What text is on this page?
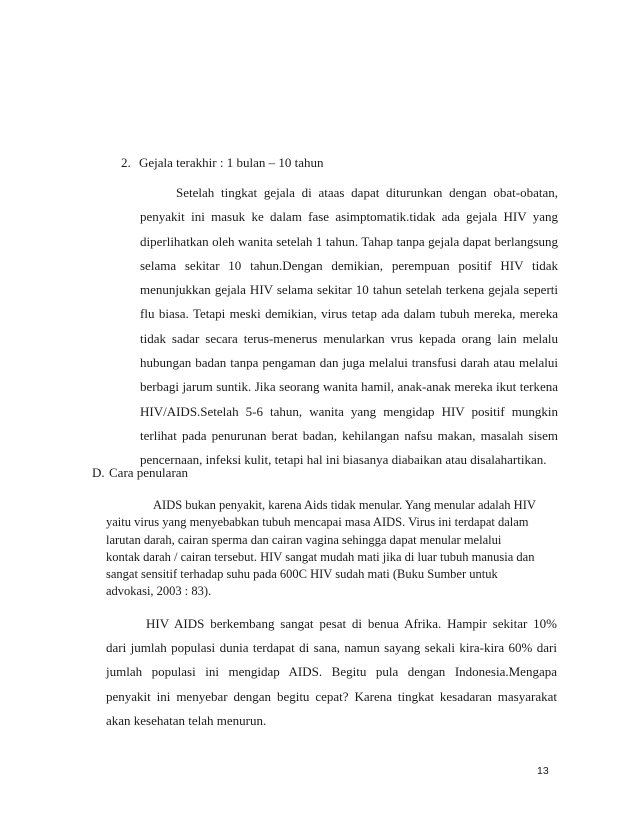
2. Gejala terakhir : 1 bulan – 10 tahun
Setelah tingkat gejala di ataas dapat diturunkan dengan obat-obatan,
penyakit ini masuk ke dalam fase asimptomatik.tidak ada gejala HIV yang
diperlihatkan oleh wanita setelah 1 tahun. Tahap tanpa gejala dapat berlangsung
selama sekitar 10 tahun.Dengan demikian, perempuan positif HIV tidak
menunjukkan gejala HIV selama sekitar 10 tahun setelah terkena gejala seperti
flu biasa. Tetapi meski demikian, virus tetap ada dalam tubuh mereka, mereka
tidak sadar secara terus-menerus menularkan vrus kepada orang lain melalu
hubungan badan tanpa pengaman dan juga melalui transfusi darah atau melalui
berbagi jarum suntik. Jika seorang wanita hamil, anak-anak mereka ikut terkena
HIV/AIDS.Setelah 5-6 tahun, wanita yang mengidap HIV positif mungkin
terlihat pada penurunan berat badan, kehilangan nafsu makan, masalah sisem
pencernaan, infeksi kulit, tetapi hal ini biasanya diabaikan atau disalahartikan.
D. Cara penularan
AIDS bukan penyakit, karena Aids tidak menular. Yang menular adalah HIV
yaitu virus yang menyebabkan tubuh mencapai masa AIDS. Virus ini terdapat dalam
larutan darah, cairan sperma dan cairan vagina sehingga dapat menular melalui
kontak darah / cairan tersebut. HIV sangat mudah mati jika di luar tubuh manusia dan
sangat sensitif terhadap suhu pada 600C HIV sudah mati (Buku Sumber untuk
advokasi, 2003 : 83).
HIV AIDS berkembang sangat pesat di benua Afrika. Hampir sekitar 10%
dari jumlah populasi dunia terdapat di sana, namun sayang sekali kira-kira 60% dari
jumlah populasi ini mengidap AIDS. Begitu pula dengan Indonesia.Mengapa
penyakit ini menyebar dengan begitu cepat? Karena tingkat kesadaran masyarakat
akan kesehatan telah menurun.
13
